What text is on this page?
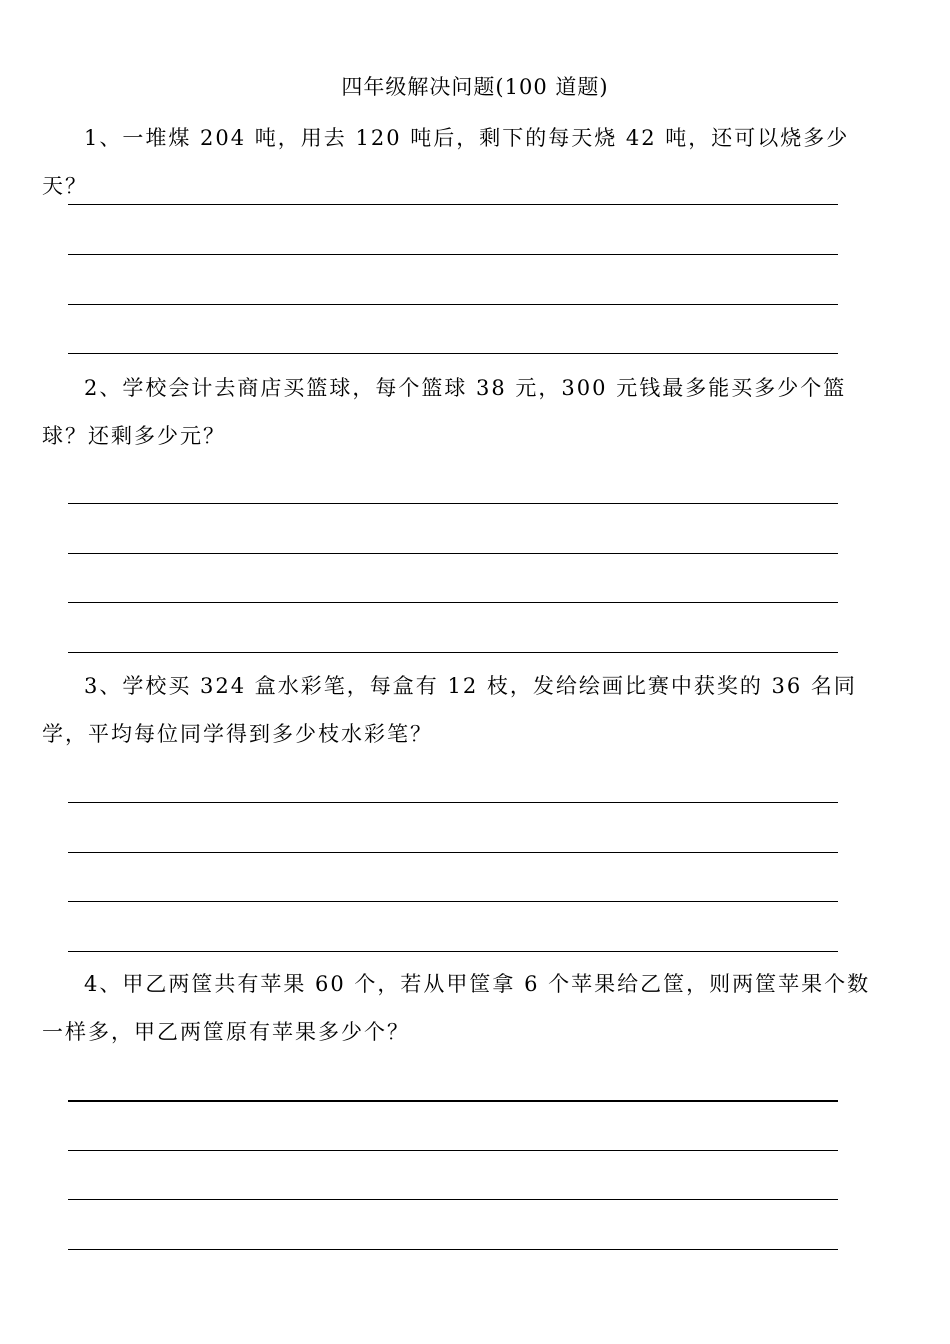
四年级解决问题(100 道题)

1、一堆煤 204 吨，用去 120 吨后，剩下的每天烧 42 吨，还可以烧多少天？

2、学校会计去商店买篮球，每个篮球 38 元，300 元钱最多能买多少个篮球？还剩多少元？

3、学校买 324 盒水彩笔，每盒有 12 枝，发给绘画比赛中获奖的 36 名同学，平均每位同学得到多少枝水彩笔？

4、甲乙两筐共有苹果 60 个，若从甲筐拿 6 个苹果给乙筐，则两筐苹果个数一样多，甲乙两筐原有苹果多少个？
